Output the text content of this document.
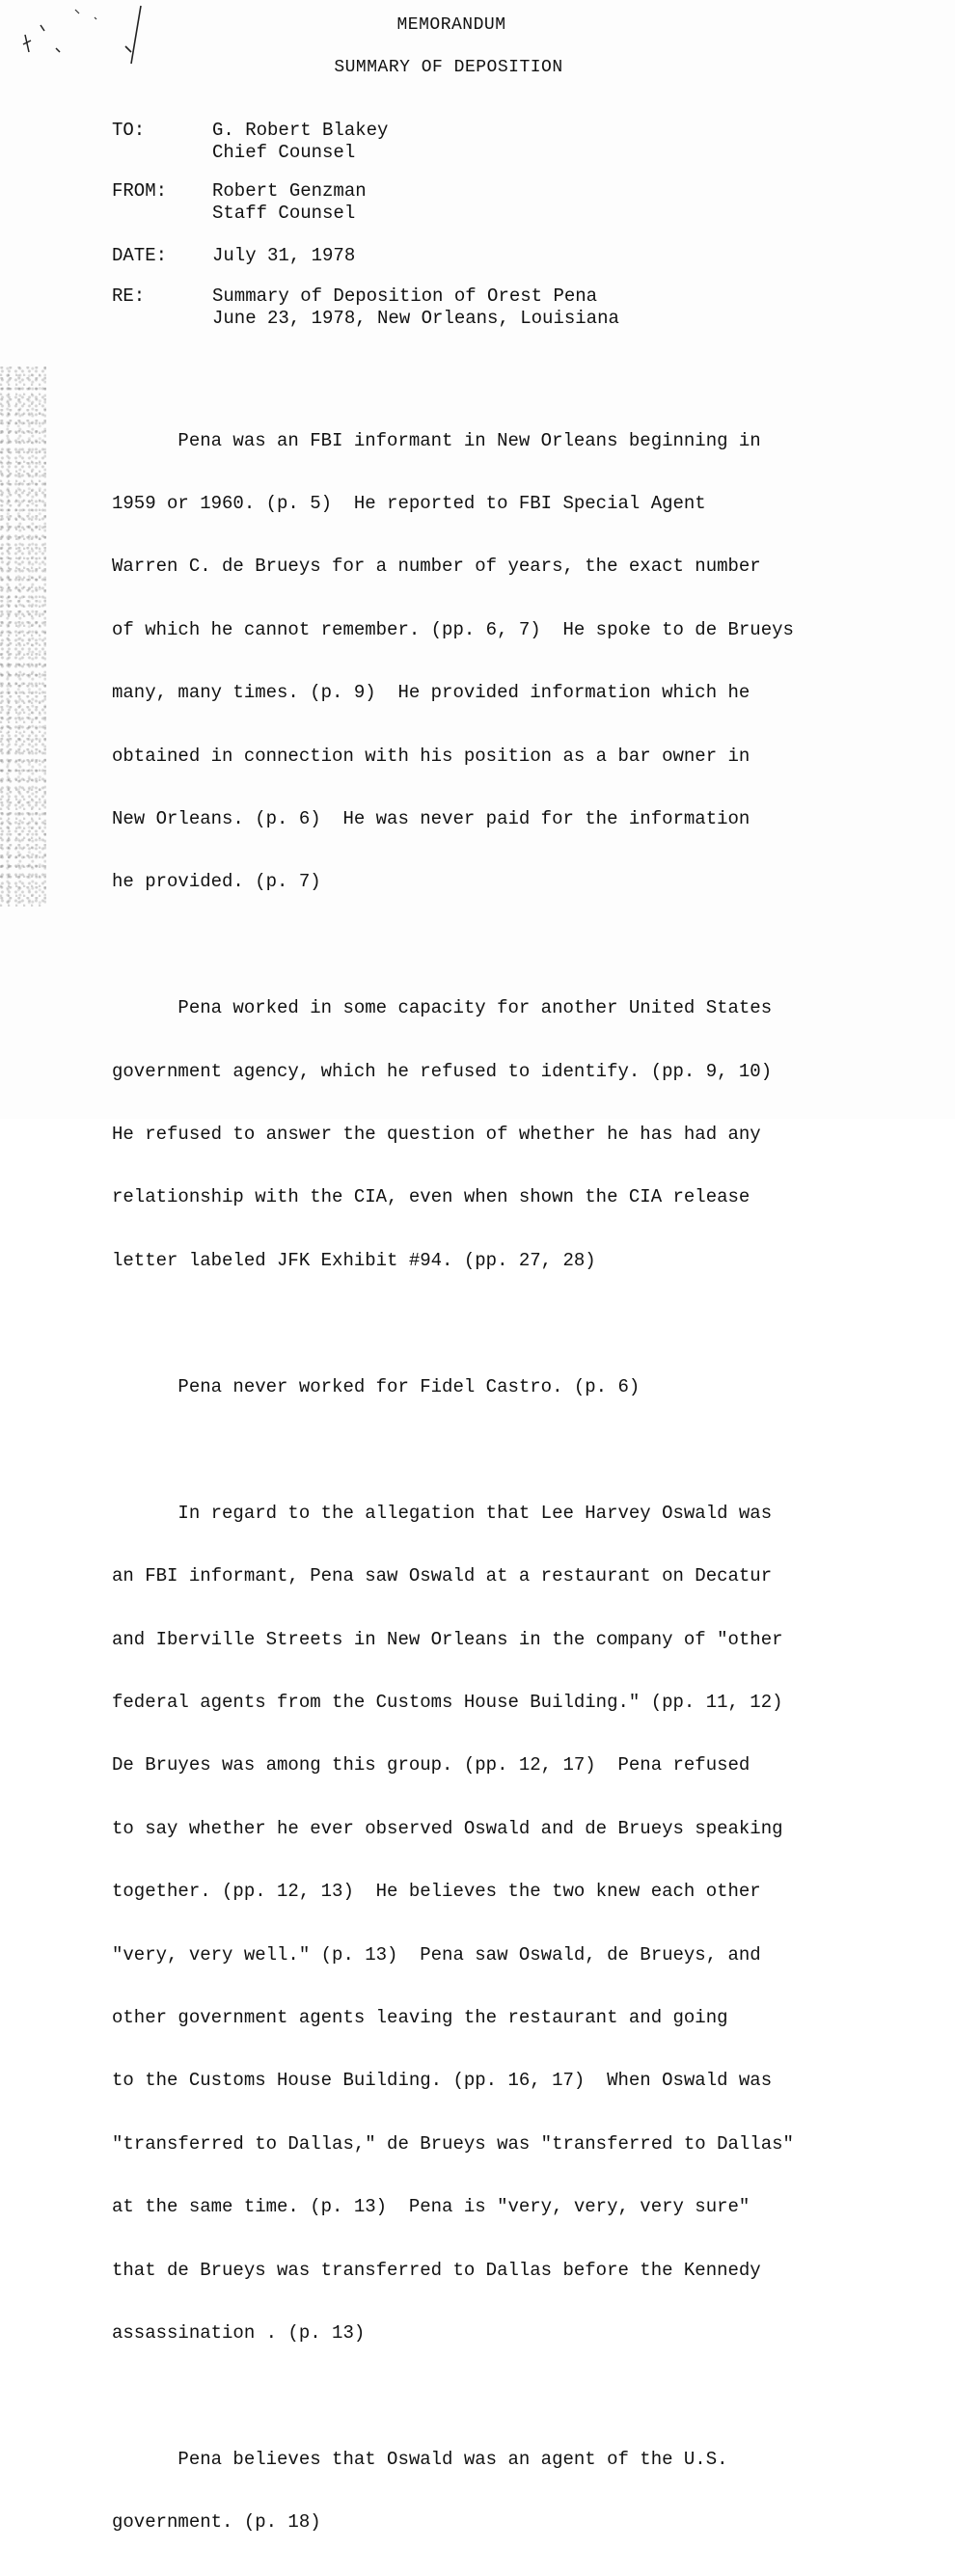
MEMORANDUM
SUMMARY OF DEPOSITION
TO:	G. Robert Blakey
Chief Counsel
FROM:	Robert Genzman
Staff Counsel
DATE:	July 31, 1978
RE:	Summary of Deposition of Orest Pena
June 23, 1978, New Orleans, Louisiana

Pena was an FBI informant in New Orleans beginning in

1959 or 1960. (p. 5)  He reported to FBI Special Agent

Warren C. de Brueys for a number of years, the exact number

of which he cannot remember. (pp. 6, 7)  He spoke to de Brueys

many, many times. (p. 9)  He provided information which he

obtained in connection with his position as a bar owner in

New Orleans. (p. 6)  He was never paid for the information

he provided. (p. 7)

Pena worked in some capacity for another United States

government agency, which he refused to identify. (pp. 9, 10)

He refused to answer the question of whether he has had any

relationship with the CIA, even when shown the CIA release

letter labeled JFK Exhibit #94. (pp. 27, 28)

Pena never worked for Fidel Castro. (p. 6)

In regard to the allegation that Lee Harvey Oswald was

an FBI informant, Pena saw Oswald at a restaurant on Decatur

and Iberville Streets in New Orleans in the company of "other

federal agents from the Customs House Building." (pp. 11, 12)

De Bruyes was among this group. (pp. 12, 17)  Pena refused

to say whether he ever observed Oswald and de Brueys speaking

together. (pp. 12, 13)  He believes the two knew each other

"very, very well." (p. 13)  Pena saw Oswald, de Brueys, and

other government agents leaving the restaurant and going

to the Customs House Building. (pp. 16, 17)  When Oswald was

"transferred to Dallas," de Brueys was "transferred to Dallas"

at the same time. (p. 13)  Pena is "very, very, very sure"

that de Brueys was transferred to Dallas before the Kennedy

assassination . (p. 13)

Pena believes that Oswald was an agent of the U.S.

government. (p. 18)
